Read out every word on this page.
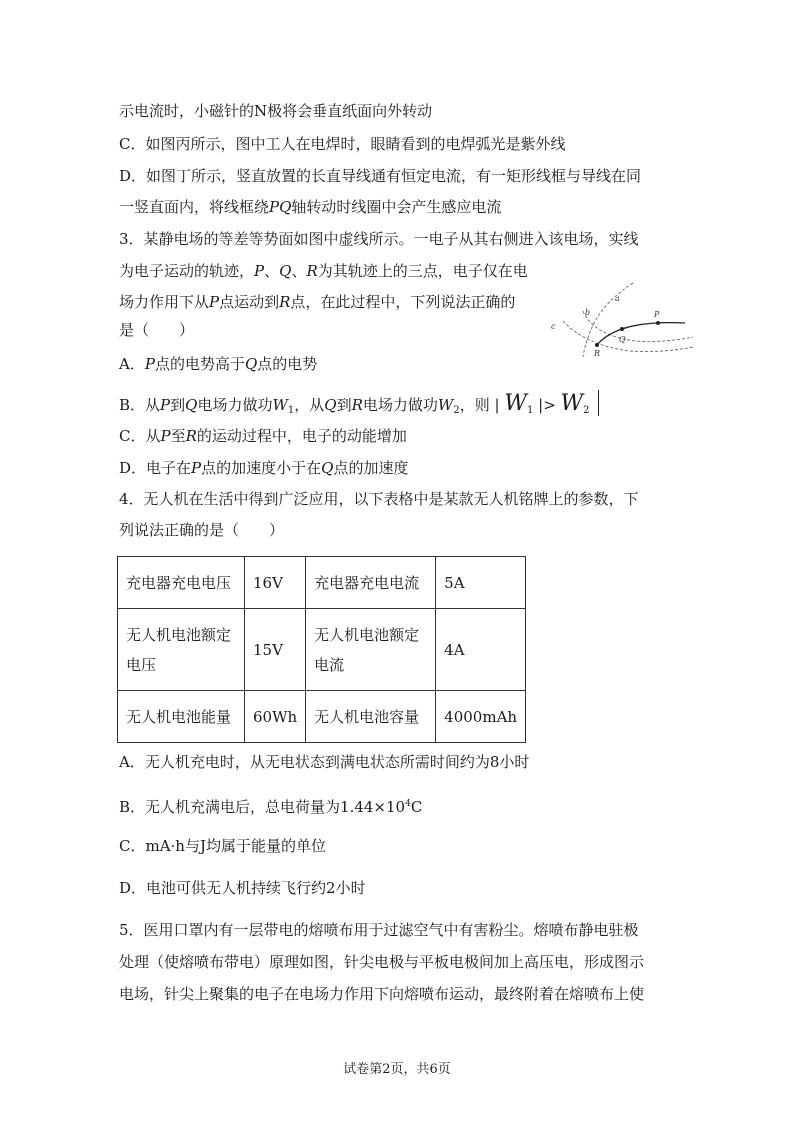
示电流时，小磁针的N极将会垂直纸面向外转动
C．如图丙所示，图中工人在电焊时，眼睛看到的电焊弧光是紫外线
D．如图丁所示，竖直放置的长直导线通有恒定电流，有一矩形线框与导线在同
一竖直面内，将线框绕PQ轴转动时线圈中会产生感应电流
3．某静电场的等差等势面如图中虚线所示。一电子从其右侧进入该电场，实线
为电子运动的轨迹，P、Q、R为其轨迹上的三点，电子仅在电
场力作用下从P点运动到R点，在此过程中，下列说法正确的
是（　　）
a
b
c
P
Q
R
A．P点的电势高于Q点的电势
B．从P到Q电场力做功$W_1$，从Q到R电场力做功$W_2$，则 | $W_1$ |> $W_2$
C．从P至R的运动过程中，电子的动能增加
D．电子在P点的加速度小于在Q点的加速度
4．无人机在生活中得到广泛应用，以下表格中是某款无人机铭牌上的参数，下
列说法正确的是（　　）
充电器充电电压	16V	充电器充电电流	5A
无人机电池额定电压	15V	无人机电池额定电流	4A
无人机电池能量	60Wh	无人机电池容量	4000mAh
A．无人机充电时，从无电状态到满电状态所需时间约为8小时
B．无人机充满电后，总电荷量为$1.44\times 10^4C$
C．mA·h与J均属于能量的单位
D．电池可供无人机持续飞行约2小时
5．医用口罩内有一层带电的熔喷布用于过滤空气中有害粉尘。熔喷布静电驻极
处理（使熔喷布带电）原理如图，针尖电极与平板电极间加上高压电，形成图示
电场，针尖上聚集的电子在电场力作用下向熔喷布运动，最终附着在熔喷布上使
试卷第2页，共6页
